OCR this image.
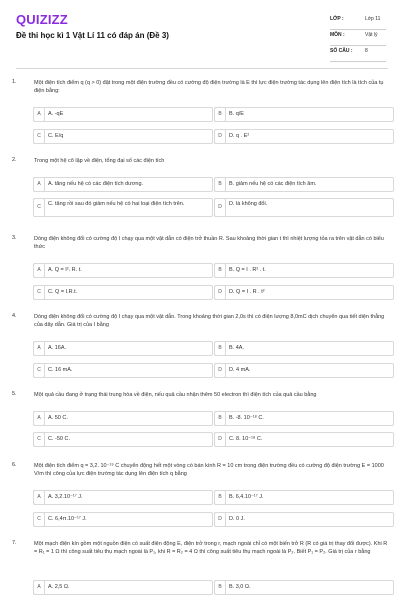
QUIZIZZ
Đề thi học kì 1 Vật Lí 11 có đáp án (Đề 3)
LỚP :	Lớp 11
MÔN :	Vật lý
SỐ CÂU :	8
1.	Một điện tích điểm q (q > 0) đặt trong một điện trường đều có cường độ điện trường là E thì lực điện trường tác dụng lên điện tích là tích của tụ điện bằng:
A	A. -qE	B	B. q/E
C	C. E/q	D	D. q . E²
2.	Trong một hệ cô lập về điện, tổng đại số các điện tích
A	A. tăng nếu hệ có các điện tích dương.	B	B. giảm nếu hệ có các điện tích âm.
C	C. tăng rồi sau đó giảm nếu hệ có hai loại điện tích trên.	D	D. là không đổi.
3.	Dòng điện không đổi có cường độ I chạy qua một vật dẫn có điện trở thuần R. Sau khoảng thời gian t thì nhiệt lượng tỏa ra trên vật dẫn có biểu thức
A	A. Q = I². R. t.	B	B. Q = I . R² . t.
C	C. Q = I.R.t.	D	D. Q = I . R . t²
4.	Dòng điện không đổi có cường độ I chạy qua một vật dẫn. Trong khoảng thời gian 2,0s thì có điện lượng 8,0mC dịch chuyển qua tiết diện thẳng của dây dẫn. Giá trị của I bằng
A	A. 16A.	B	B. 4A.
C	C. 16 mA.	D	D. 4 mA.
5.	Một quả cầu đang ở trạng thái trung hòa về điện, nếu quả cầu nhận thêm 50 electron thì điện tích của quả cầu bằng
A	A. 50 C.	B	B. -8. 10⁻¹⁸ C.
C	C. -50 C.	D	C. 8. 10⁻¹⁸ C.
6.	Một điện tích điểm q = 3,2. 10⁻¹⁹ C chuyển động hết một vòng có bán kính R = 10 cm trong điện trường đều có cường độ điện trường E = 1000 V/m thì công của lực điện trường tác dụng lên điện tích q bằng
A	A. 3,2.10⁻¹⁷ J.	B	B. 6,4.10⁻¹⁷ J.
C	C. 6,4π.10⁻¹⁷ J.	D	D. 0 J.
7.	Một mạch điện kín gồm một nguồn điện có suất điện động E, điện trở trong r, mạch ngoài chỉ có một biến trở R (R có giá trị thay đổi được). Khi R = R₁ = 1 Ω thì công suất tiêu thụ mạch ngoài là P₁, khi R = R₂ = 4 Ω thì công suất tiêu thụ mạch ngoài là P₂. Biết P₁ = P₂. Giá trị của r bằng
A	A. 2,5 Ω.	B	B. 3,0 Ω.
